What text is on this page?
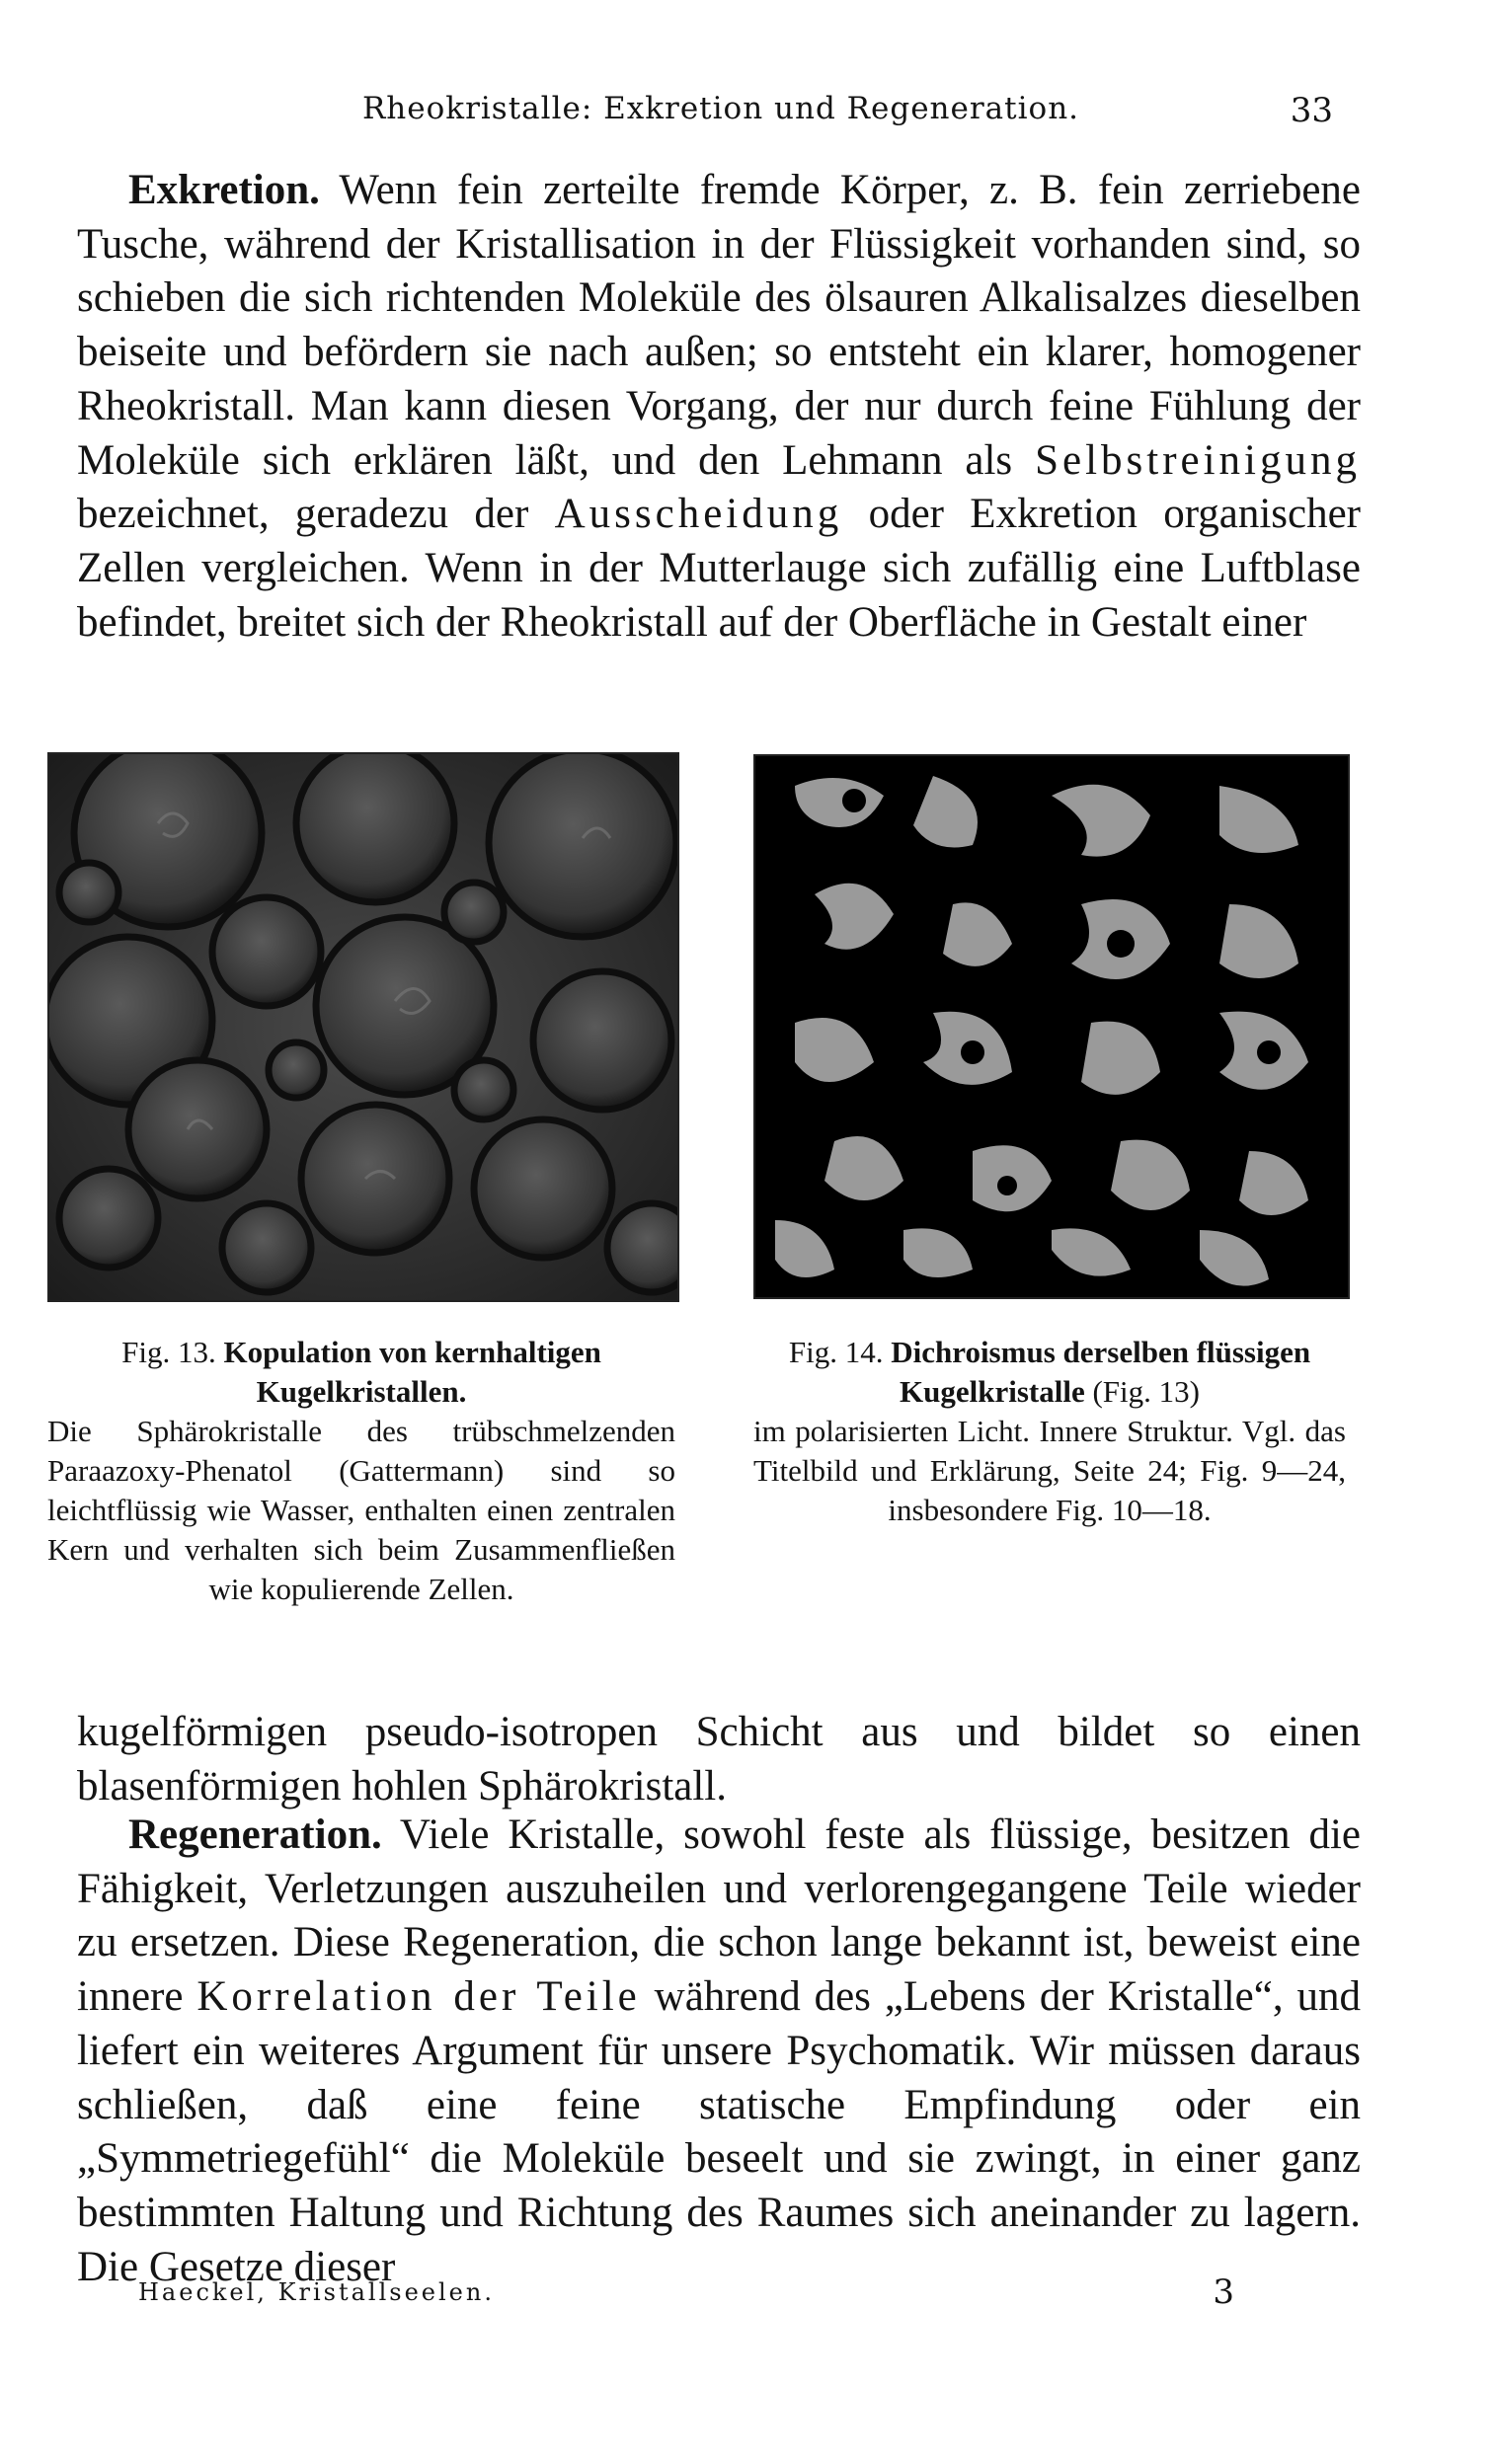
Rheokristalle: Exkretion und Regeneration.	33

Exkretion. Wenn fein zerteilte fremde Körper, z. B. fein zerriebene Tusche, während der Kristallisation in der Flüssigkeit vorhanden sind, so schieben die sich richtenden Moleküle des ölsauren Alkalisalzes dieselben beiseite und befördern sie nach außen; so entsteht ein klarer, homogener Rheokristall. Man kann diesen Vorgang, der nur durch feine Fühlung der Moleküle sich erklären läßt, und den Lehmann als Selbstreinigung bezeichnet, geradezu der Ausscheidung oder Exkretion organischer Zellen vergleichen. Wenn in der Mutterlauge sich zufällig eine Luftblase befindet, breitet sich der Rheokristall auf der Oberfläche in Gestalt einer

Fig. 13. Kopulation von kernhaltigen Kugelkristallen.
Die Sphärokristalle des trübschmelzenden Paraazoxy-Phenatol (Gattermann) sind so leichtflüssig wie Wasser, enthalten einen zentralen Kern und verhalten sich beim Zusammenfließen wie kopulierende Zellen.
Fig. 14. Dichroismus derselben flüssigen Kugelkristalle (Fig. 13)
im polarisierten Licht. Innere Struktur. Vgl. das Titelbild und Erklärung, Seite 24; Fig. 9—24, insbesondere Fig. 10—18.

kugelförmigen pseudo-isotropen Schicht aus und bildet so einen blasenförmigen hohlen Sphärokristall.

Regeneration. Viele Kristalle, sowohl feste als flüssige, besitzen die Fähigkeit, Verletzungen auszuheilen und verlorengegangene Teile wieder zu ersetzen. Diese Regeneration, die schon lange bekannt ist, beweist eine innere Korrelation der Teile während des „Lebens der Kristalle“, und liefert ein weiteres Argument für unsere Psychomatik. Wir müssen daraus schließen, daß eine feine statische Empfindung oder ein „Symmetriegefühl“ die Moleküle beseelt und sie zwingt, in einer ganz bestimmten Haltung und Richtung des Raumes sich aneinander zu lagern. Die Gesetze dieser

Haeckel, Kristallseelen.	3
